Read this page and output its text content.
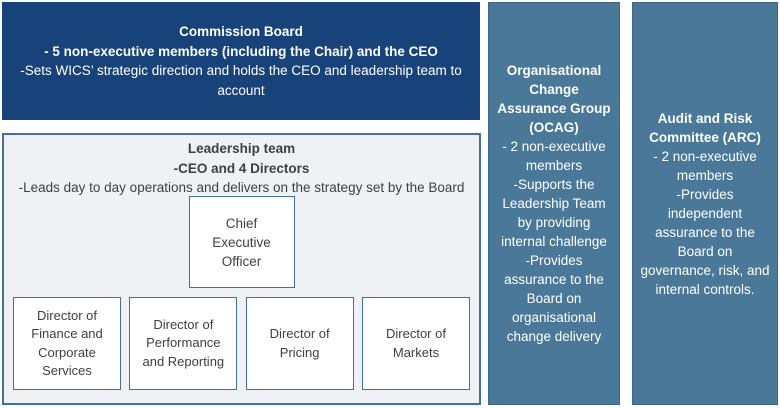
Commission Board
- 5 non-executive members (including the Chair) and the CEO
-Sets WICS’ strategic direction and holds the CEO and leadership team to account
Leadership team
-CEO and 4 Directors
-Leads day to day operations and delivers on the strategy set by the Board
Chief Executive Officer
Director of Finance and Corporate Services
Director of Performance and Reporting
Director of Pricing
Director of Markets
Organisational Change Assurance Group (OCAG)
- 2 non-executive members
-Supports the Leadership Team by providing internal challenge
-Provides assurance to the Board on organisational change delivery
Audit and Risk Committee (ARC)
- 2 non-executive members
-Provides independent assurance to the Board on governance, risk, and internal controls.
